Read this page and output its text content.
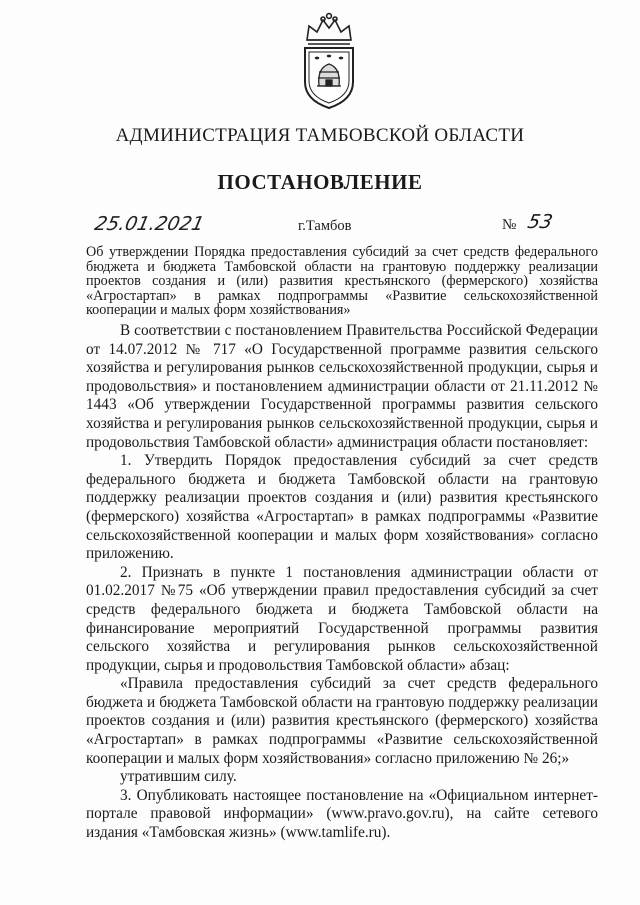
АДМИНИСТРАЦИЯ ТАМБОВСКОЙ ОБЛАСТИ
ПОСТАНОВЛЕНИЕ
25.01.2021	г.Тамбов	№ 53
Об утверждении Порядка предоставления субсидий за счет средств федерального бюджета и бюджета Тамбовской области на грантовую поддержку реализации проектов создания и (или) развития крестьянского (фермерского) хозяйства «Агростартап» в рамках подпрограммы «Развитие сельскохозяйственной кооперации и малых форм хозяйствования»

В соответствии с постановлением Правительства Российской Федерации от 14.07.2012 № 717 «О Государственной программе развития сельского хозяйства и регулирования рынков сельскохозяйственной продукции, сырья и продовольствия» и постановлением администрации области от 21.11.2012 № 1443 «Об утверждении Государственной программы развития сельского хозяйства и регулирования рынков сельскохозяйственной продукции, сырья и продовольствия Тамбовской области» администрация области постановляет:

1. Утвердить Порядок предоставления субсидий за счет средств федерального бюджета и бюджета Тамбовской области на грантовую поддержку реализации проектов создания и (или) развития крестьянского (фермерского) хозяйства «Агростартап» в рамках подпрограммы «Развитие сельскохозяйственной кооперации и малых форм хозяйствования» согласно приложению.

2. Признать в пункте 1 постановления администрации области от 01.02.2017 №75 «Об утверждении правил предоставления субсидий за счет средств федерального бюджета и бюджета Тамбовской области на финансирование мероприятий Государственной программы развития сельского хозяйства и регулирования рынков сельскохозяйственной продукции, сырья и продовольствия Тамбовской области» абзац:

«Правила предоставления субсидий за счет средств федерального бюджета и бюджета Тамбовской области на грантовую поддержку реализации проектов создания и (или) развития крестьянского (фермерского) хозяйства «Агростартап» в рамках подпрограммы «Развитие сельскохозяйственной кооперации и малых форм хозяйствования» согласно приложению № 26;»

утратившим силу.

3. Опубликовать настоящее постановление на «Официальном интернет-портале правовой информации» (www.pravo.gov.ru), на сайте сетевого издания «Тамбовская жизнь» (www.tamlife.ru).
